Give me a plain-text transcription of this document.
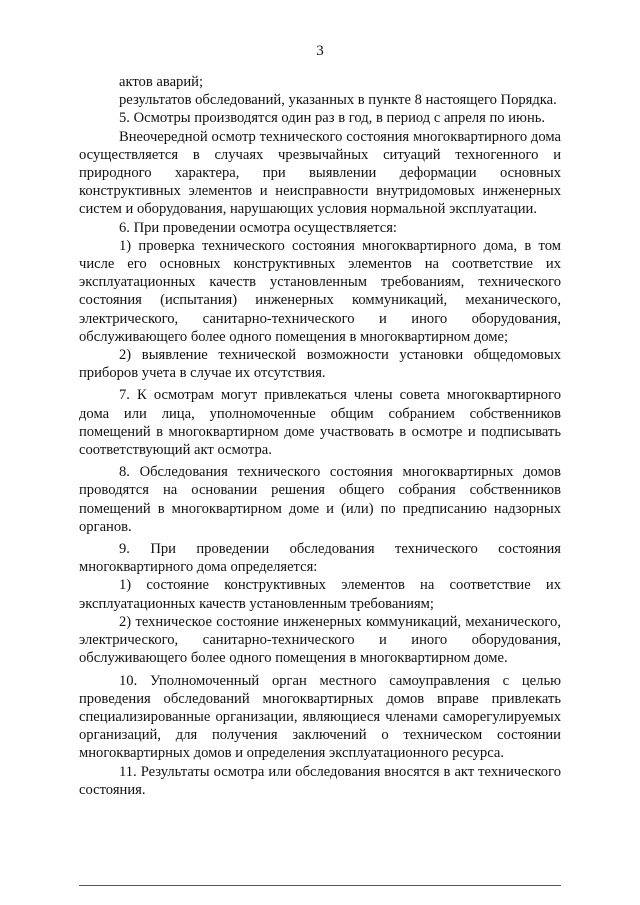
3

актов аварий;

результатов обследований, указанных в пункте 8 настоящего Порядка.

5. Осмотры производятся один раз в год, в период с апреля по июнь.

Внеочередной осмотр технического состояния многоквартирного дома осуществляется в случаях чрезвычайных ситуаций техногенного и природного характера, при выявлении деформации основных конструктивных элементов и неисправности внутридомовых инженерных систем и оборудования, нарушающих условия нормальной эксплуатации.

6. При проведении осмотра осуществляется:

1) проверка технического состояния многоквартирного дома, в том числе его основных конструктивных элементов на соответствие их эксплуатационных качеств установленным требованиям, технического состояния (испытания) инженерных коммуникаций, механического, электрического, санитарно-технического и иного оборудования, обслуживающего более одного помещения в многоквартирном доме;

2) выявление технической возможности установки общедомовых приборов учета в случае их отсутствия.

7. К осмотрам могут привлекаться члены совета многоквартирного дома или лица, уполномоченные общим собранием собственников помещений в многоквартирном доме участвовать в осмотре и подписывать соответствующий акт осмотра.

8. Обследования технического состояния многоквартирных домов проводятся на основании решения общего собрания собственников помещений в многоквартирном доме и (или) по предписанию надзорных органов.

9. При проведении обследования технического состояния многоквартирного дома определяется:

1) состояние конструктивных элементов на соответствие их эксплуатационных качеств установленным требованиям;

2) техническое состояние инженерных коммуникаций, механического, электрического, санитарно-технического и иного оборудования, обслуживающего более одного помещения в многоквартирном доме.

10. Уполномоченный орган местного самоуправления с целью проведения обследований многоквартирных домов вправе привлекать специализированные организации, являющиеся членами саморегулируемых организаций, для получения заключений о техническом состоянии многоквартирных домов и определения эксплуатационного ресурса.

11. Результаты осмотра или обследования вносятся в акт технического состояния.
